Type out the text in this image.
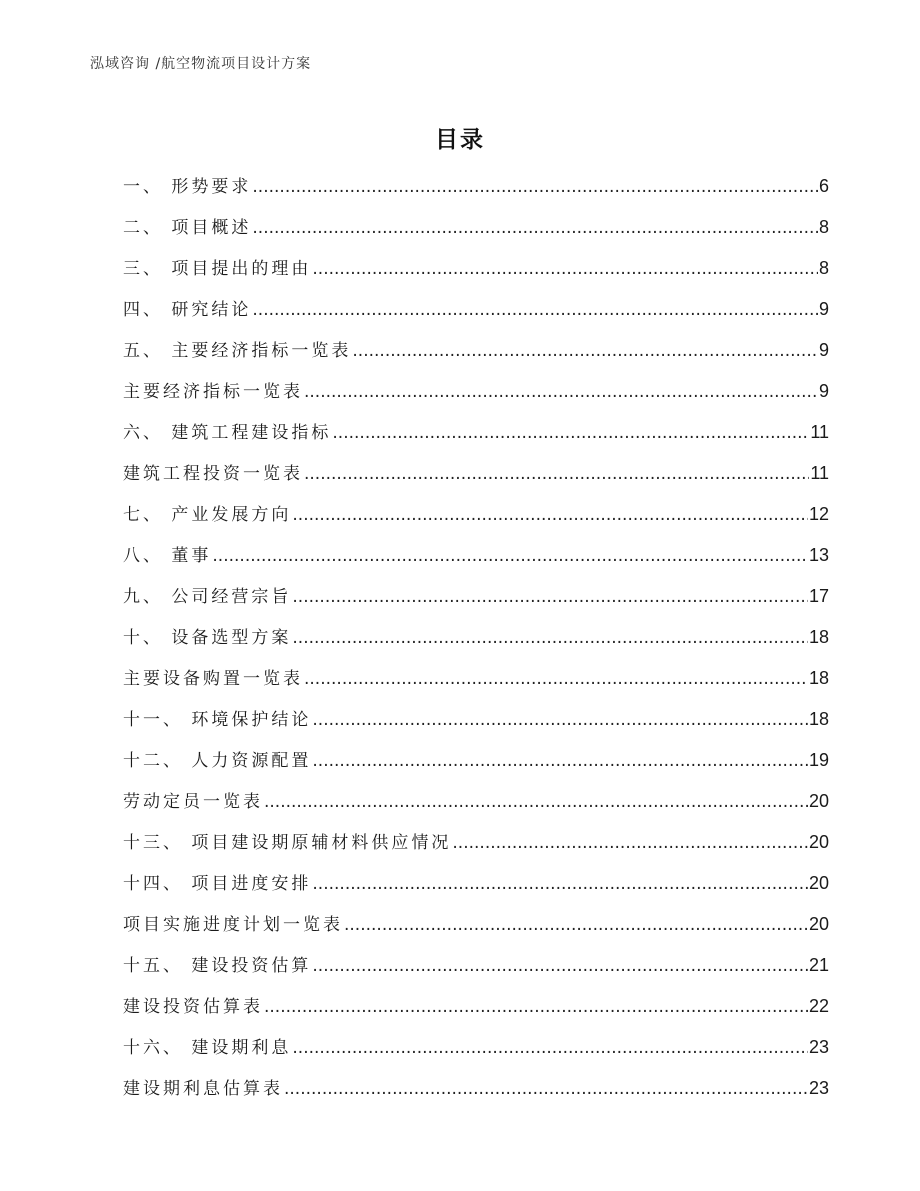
泓域咨询 /航空物流项目设计方案
目录
一、 形势要求 .....	6
二、 项目概述 .....	8
三、 项目提出的理由 .....	8
四、 研究结论 .....	9
五、 主要经济指标一览表 .....	9
主要经济指标一览表 .....	9
六、 建筑工程建设指标 .....	11
建筑工程投资一览表 .....	11
七、 产业发展方向 .....	12
八、 董事 .....	13
九、 公司经营宗旨 .....	17
十、 设备选型方案 .....	18
主要设备购置一览表 .....	18
十一、 环境保护结论 .....	18
十二、 人力资源配置 .....	19
劳动定员一览表 .....	20
十三、 项目建设期原辅材料供应情况 .....	20
十四、 项目进度安排 .....	20
项目实施进度计划一览表 .....	20
十五、 建设投资估算 .....	21
建设投资估算表 .....	22
十六、 建设期利息 .....	23
建设期利息估算表 .....	23
